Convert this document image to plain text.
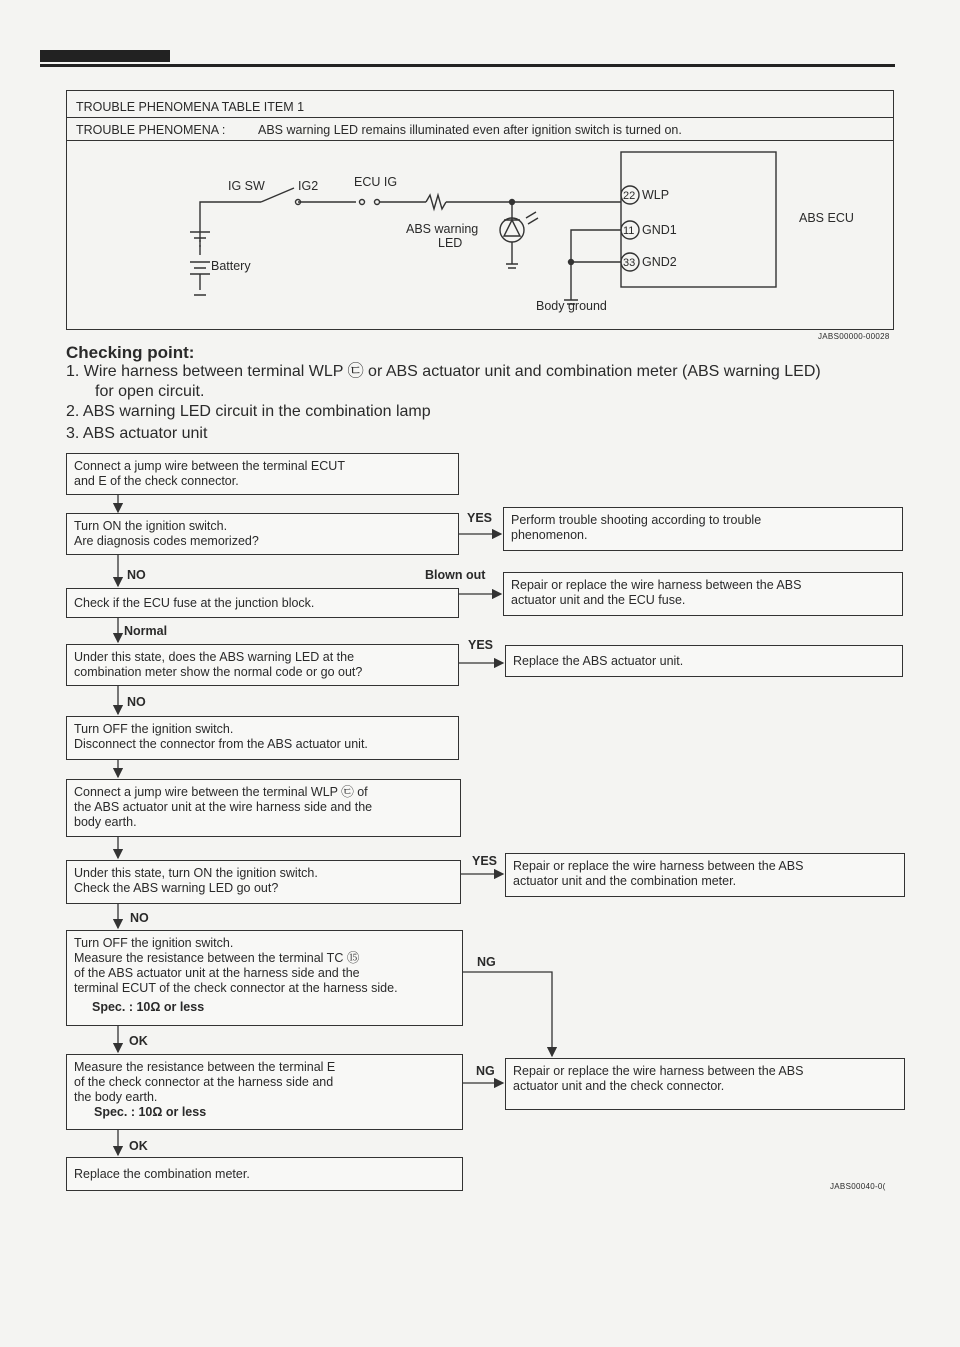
TROUBLE PHENOMENA TABLE ITEM 1
TROUBLE PHENOMENA :	ABS warning LED remains illuminated even after ignition switch is turned on.
IG SW	IG2	ECU IG
Battery
ABS warning
LED
22
11
33
WLP
GND1
GND2
ABS ECU
Body ground
JABS00000-00028
Checking point:
1. Wire harness between terminal WLP ㉢ or ABS actuator unit and combination meter (ABS warning LED)
for open circuit.
2. ABS warning LED circuit in the combination lamp
3. ABS actuator unit
Connect a jump wire between the terminal ECUT
and E of the check connector.
Turn ON the ignition switch.
Are diagnosis codes memorized?
Perform trouble shooting according to trouble
phenomenon.
Check if the ECU fuse at the junction block.
Repair or replace the wire harness between the ABS
actuator unit and the ECU fuse.
Under this state, does the ABS warning LED at the
combination meter show the normal code or go out?
Replace the ABS actuator unit.
Turn OFF the ignition switch.
Disconnect the connector from the ABS actuator unit.
Connect a jump wire between the terminal WLP ㉢ of
the ABS actuator unit at the wire harness side and the
body earth.
Under this state, turn ON the ignition switch.
Check the ABS warning LED go out?
Repair or replace the wire harness between the ABS
actuator unit and the combination meter.
Turn OFF the ignition switch.
Measure the resistance between the terminal TC ⑮
of the ABS actuator unit at the harness side and the
terminal ECUT of the check connector at the harness side.
Spec. : 10Ω or less
Measure the resistance between the terminal E
of the check connector at the harness side and
the body earth.
Spec. : 10Ω or less
Repair or replace the wire harness between the ABS
actuator unit and the check connector.
Replace the combination meter.
YES
NO	Blown out
Normal
YES
NO
YES
NO
NG
OK
NG
OK
JABS00040-0(
